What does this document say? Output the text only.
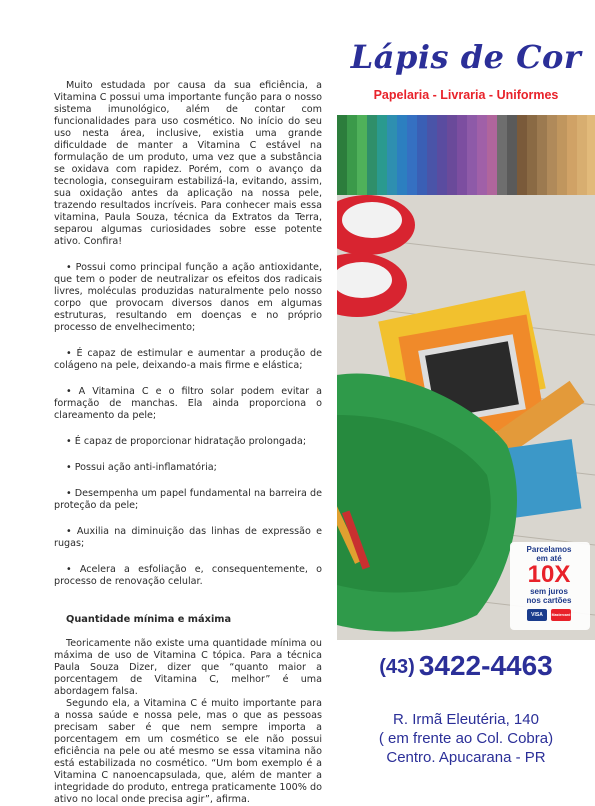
Muito estudada por causa da sua eficiência, a Vitamina C possui uma importante função para o nosso sistema imunológico, além de contar com funcionalidades para uso cosmético. No início do seu uso nesta área, inclusive, existia uma grande dificuldade de manter a Vitamina C estável na formulação de um produto, uma vez que a substância se oxidava com rapidez. Porém, com o avanço da tecnologia, conseguiram estabilizá-la, evitando, assim, sua oxidação antes da aplicação na nossa pele, trazendo resultados incríveis. Para conhecer mais essa vitamina, Paula Souza, técnica da Extratos da Terra, separou algumas curiosidades sobre esse potente ativo. Confira!

• Possui como principal função a ação antioxidante, que tem o poder de neutralizar os efeitos dos radicais livres, moléculas produzidas naturalmente pelo nosso corpo que provocam diversos danos em algumas estruturas, resultando em doenças e no próprio processo de envelhecimento;

• É capaz de estimular e aumentar a produção de colágeno na pele, deixando-a mais firme e elástica;

• A Vitamina C e o filtro solar podem evitar a formação de manchas. Ela ainda proporciona o clareamento da pele;

• É capaz de proporcionar hidratação prolongada;

• Possui ação anti-inflamatória;

• Desempenha um papel fundamental na barreira de proteção da pele;

• Auxilia na diminuição das linhas de expressão e rugas;

• Acelera a esfoliação e, consequentemente, o processo de renovação celular.

Quantidade mínima e máxima

Teoricamente não existe uma quantidade mínima ou máxima de uso de Vitamina C tópica. Para a técnica Paula Souza Dizer, dizer que “quanto maior a porcentagem de Vitamina C, melhor” é uma abordagem falsa.

Segundo ela, a Vitamina C é muito importante para a nossa saúde e nossa pele, mas o que as pessoas precisam saber é que nem sempre importa a porcentagem em um cosmético se ele não possui eficiência na pele ou até mesmo se essa vitamina não está estabilizada no cosmético. “Um bom exemplo é a Vitamina C nanoencapsulada, que, além de manter a integridade do produto, entrega praticamente 100% do ativo no local onde precisa agir”, afirma.

Lápis de Cor
Papelaria - Livraria - Uniformes
Parcelamos
em até
10X
sem juros
nos cartões
VISA	Mastercard
(43) 3422-4463
R. Irmã Eleutéria, 140
( em frente ao Col. Cobra)
Centro. Apucarana - PR
